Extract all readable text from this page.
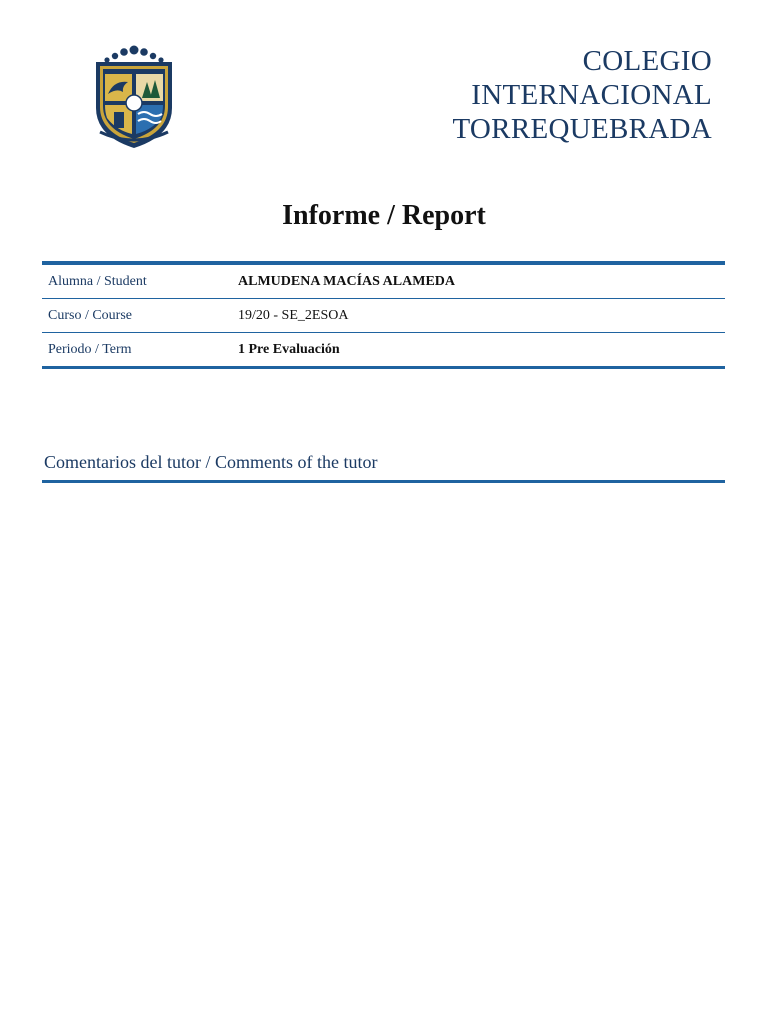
COLEGIO
INTERNACIONAL
TORREQUEBRADA
Informe / Report
Alumna / Student	ALMUDENA MACÍAS ALAMEDA
Curso / Course	19/20 - SE_2ESOA
Periodo / Term	1 Pre Evaluación
Comentarios del tutor / Comments of the tutor
